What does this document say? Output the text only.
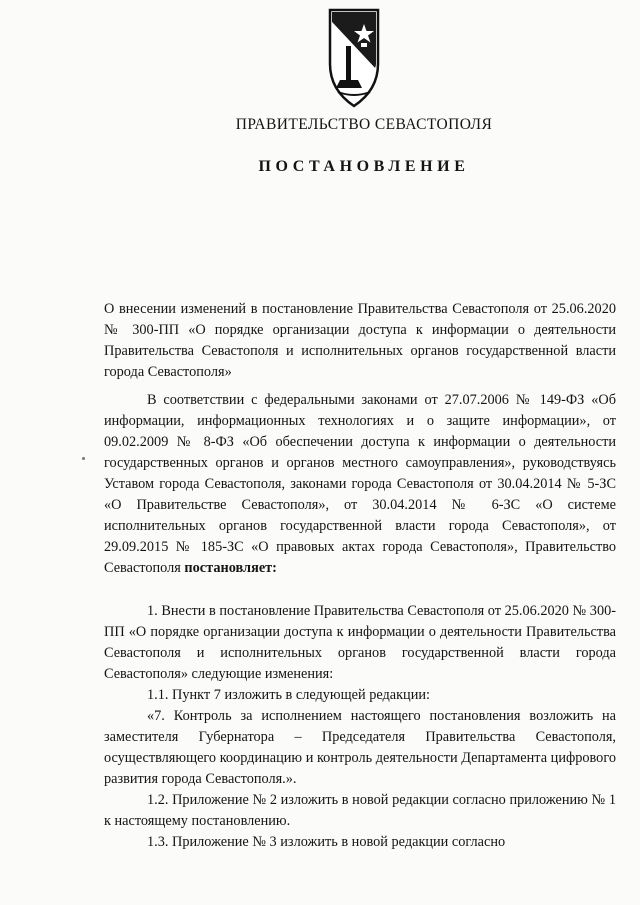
ПРАВИТЕЛЬСТВО СЕВАСТОПОЛЯ
ПОСТАНОВЛЕНИЕ
О внесении изменений в постановление Правительства Севастополя от 25.06.2020 № 300-ПП «О порядке организации доступа к информации о деятельности Правительства Севастополя и исполнительных органов государственной власти города Севастополя»

В соответствии с федеральными законами от 27.07.2006 № 149-ФЗ «Об информации, информационных технологиях и о защите информации», от 09.02.2009 № 8-ФЗ «Об обеспечении доступа к информации о деятельности государственных органов и органов местного самоуправления», руководствуясь Уставом города Севастополя, законами города Севастополя от 30.04.2014 № 5-ЗС «О Правительстве Севастополя», от 30.04.2014 № 6-ЗС «О системе исполнительных органов государственной власти города Севастополя», от 29.09.2015 № 185-ЗС «О правовых актах города Севастополя», Правительство Севастополя постановляет:

1. Внести в постановление Правительства Севастополя от 25.06.2020 № 300-ПП «О порядке организации доступа к информации о деятельности Правительства Севастополя и исполнительных органов государственной власти города Севастополя» следующие изменения:

1.1. Пункт 7 изложить в следующей редакции:

«7. Контроль за исполнением настоящего постановления возложить на заместителя Губернатора – Председателя Правительства Севастополя, осуществляющего координацию и контроль деятельности Департамента цифрового развития города Севастополя.».

1.2. Приложение № 2 изложить в новой редакции согласно приложению № 1 к настоящему постановлению.

1.3. Приложение № 3 изложить в новой редакции согласно
